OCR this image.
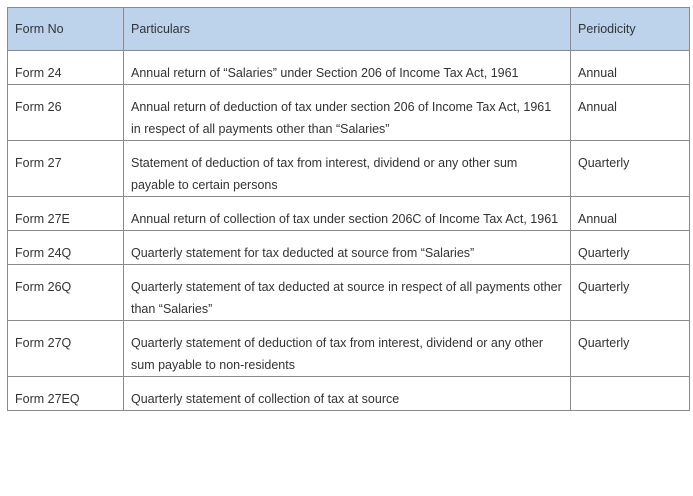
Form No	Particulars	Periodicity
Form 24	Annual return of “Salaries” under Section 206 of Income Tax Act, 1961	Annual
Form 26	Annual return of deduction of tax under section 206 of Income Tax Act, 1961 in respect of all payments other than “Salaries”	Annual
Form 27	Statement of deduction of tax from interest, dividend or any other sum payable to certain persons	Quarterly
Form 27E	Annual return of collection of tax under section 206C of Income Tax Act, 1961	Annual
Form 24Q	Quarterly statement for tax deducted at source from “Salaries”	Quarterly
Form 26Q	Quarterly statement of tax deducted at source in respect of all payments other than “Salaries”	Quarterly
Form 27Q	Quarterly statement of deduction of tax from interest, dividend or any other sum payable to non-residents	Quarterly
Form 27EQ	Quarterly statement of collection of tax at source	
